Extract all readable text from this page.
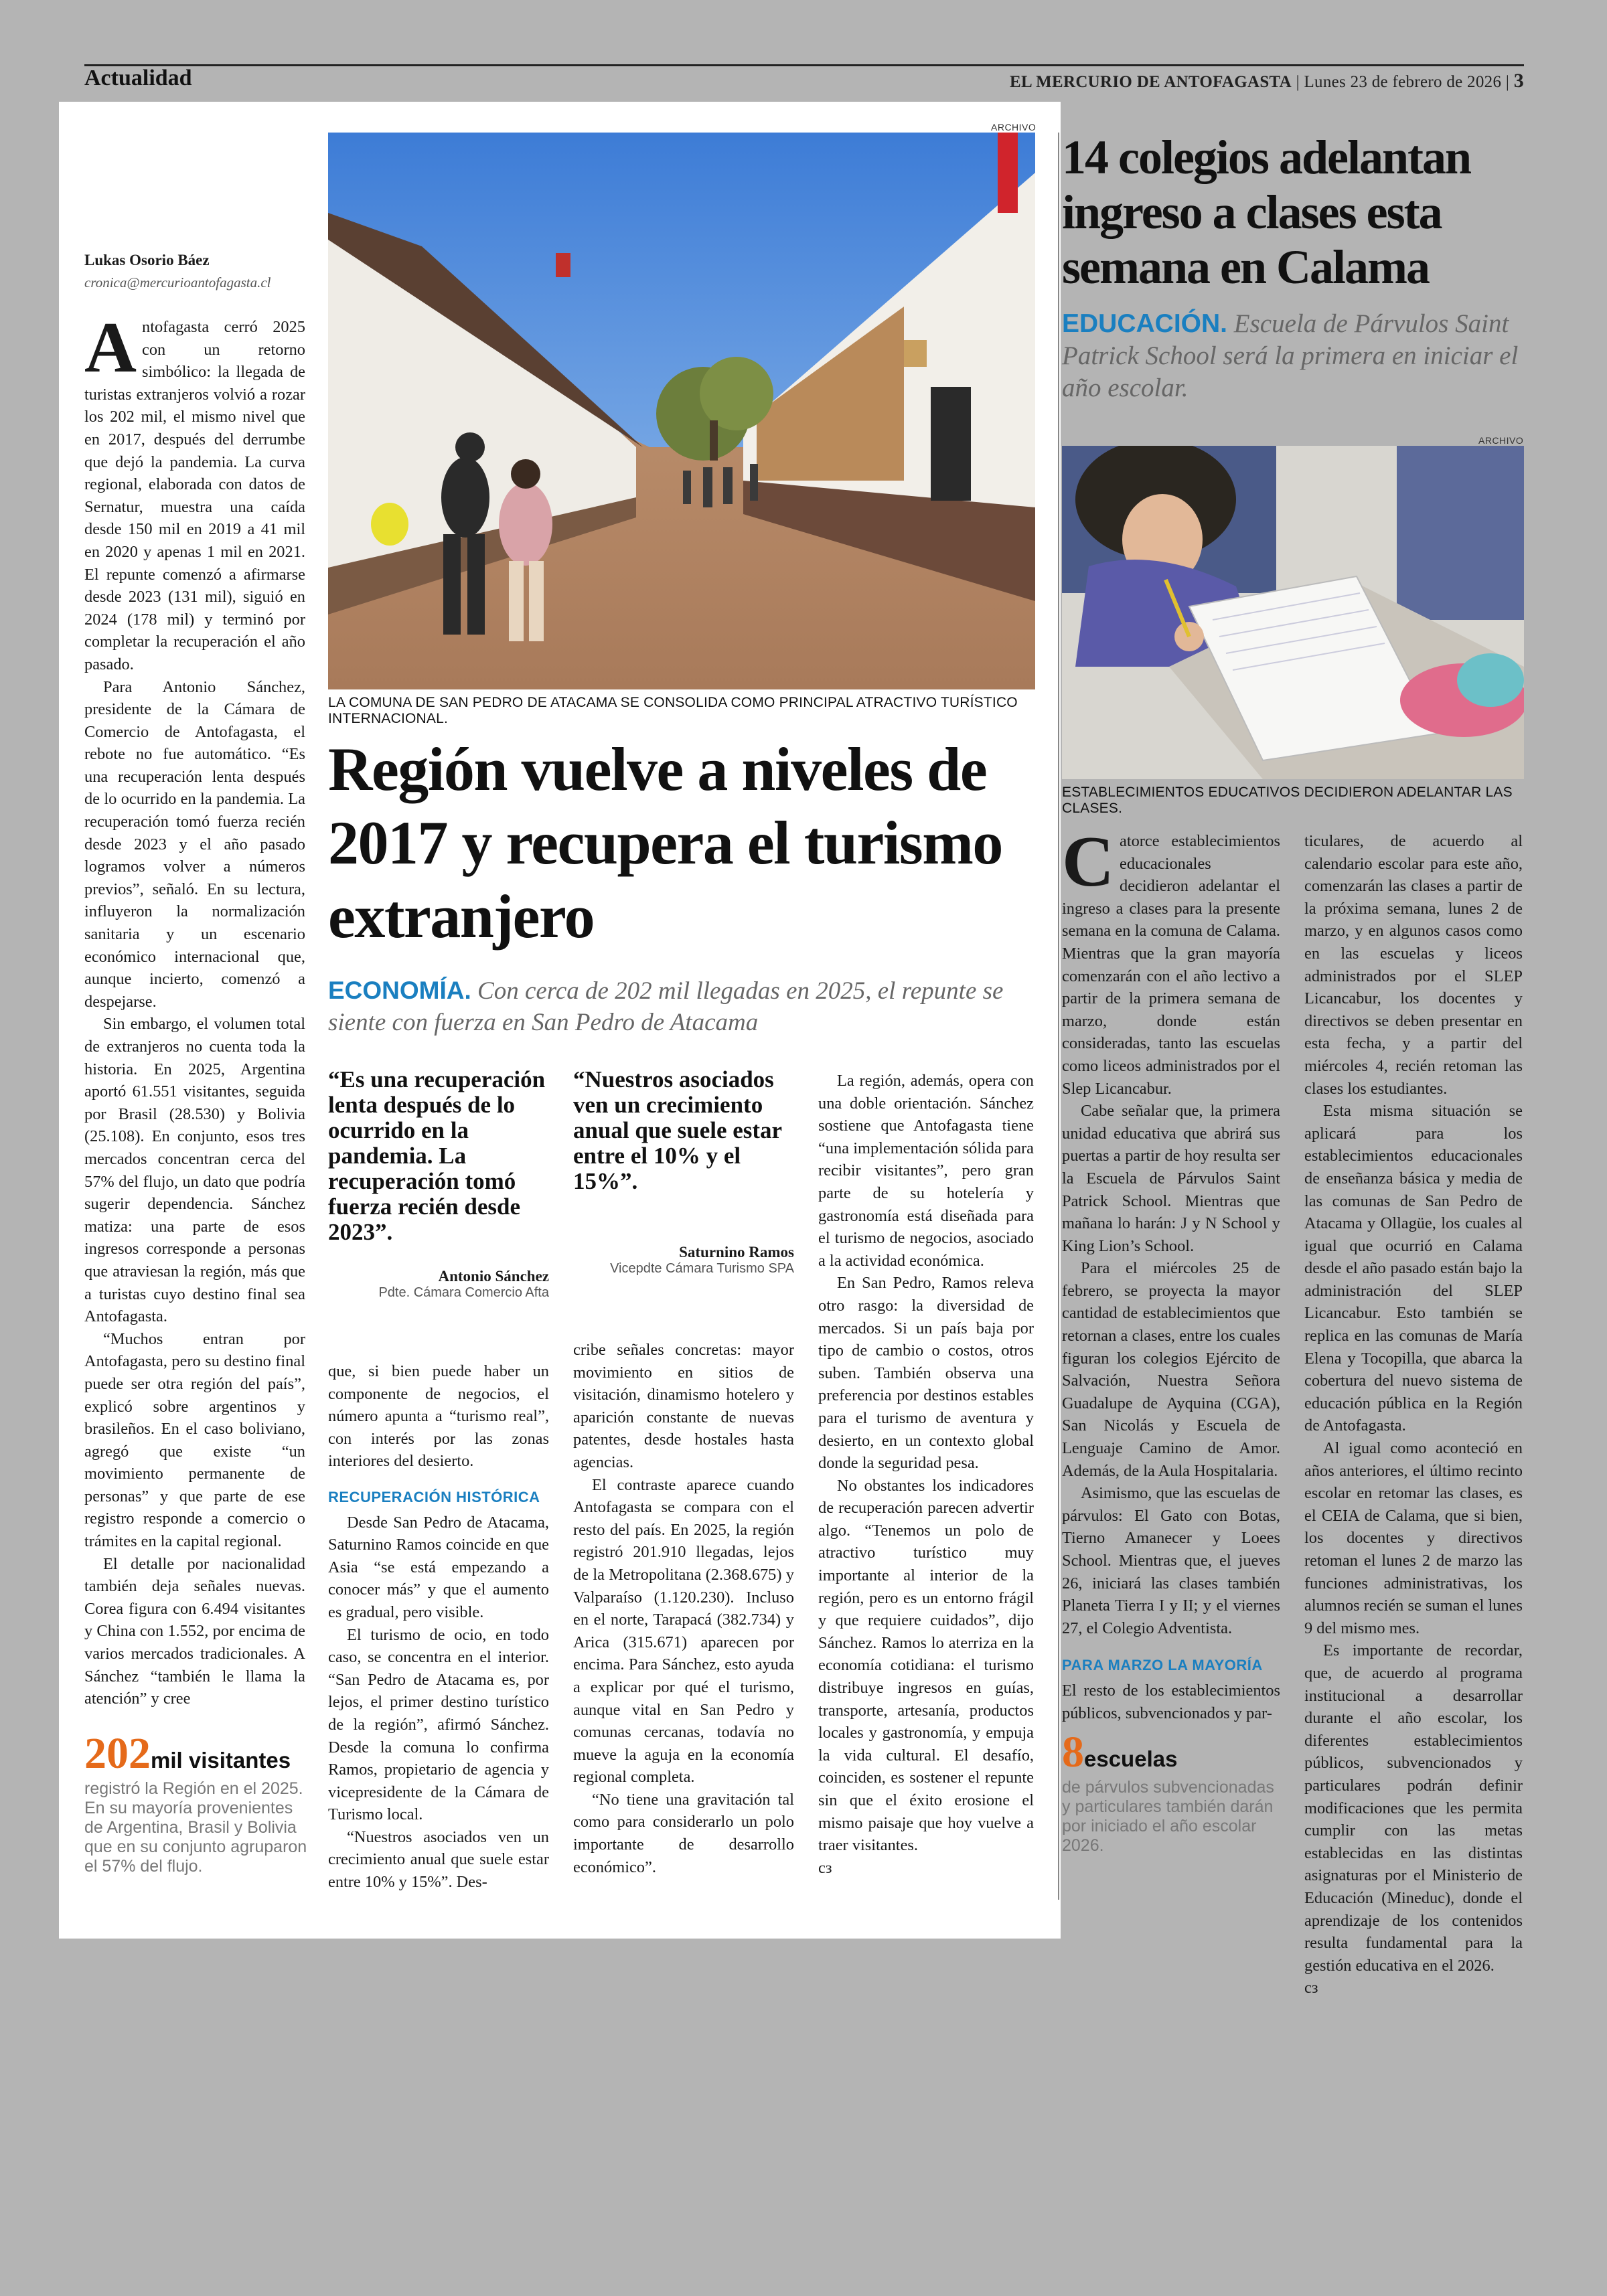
Actualidad	EL MERCURIO DE ANTOFAGASTA | Lunes 23 de febrero de 2026 | 3
ARCHIVO
LA COMUNA DE SAN PEDRO DE ATACAMA SE CONSOLIDA COMO PRINCIPAL ATRACTIVO TURÍSTICO INTERNACIONAL.
Lukas Osorio Báez
cronica@mercurioantofagasta.cl

Antofagasta cerró 2025 con un retorno simbólico: la llegada de turistas extranjeros volvió a rozar los 202 mil, el mismo nivel que en 2017, después del derrumbe que dejó la pandemia. La curva regional, elaborada con datos de Sernatur, muestra una caída desde 150 mil en 2019 a 41 mil en 2020 y apenas 1 mil en 2021. El repunte comenzó a afirmarse desde 2023 (131 mil), siguió en 2024 (178 mil) y terminó por completar la recuperación el año pasado.

Para Antonio Sánchez, presidente de la Cámara de Comercio de Antofagasta, el rebote no fue automático. “Es una recuperación lenta después de lo ocurrido en la pandemia. La recuperación tomó fuerza recién desde 2023 y el año pasado logramos volver a números previos”, señaló. En su lectura, influyeron la normalización sanitaria y un escenario económico internacional que, aunque incierto, comenzó a despejarse.

Sin embargo, el volumen total de extranjeros no cuenta toda la historia. En 2025, Argentina aportó 61.551 visitantes, seguida por Brasil (28.530) y Bolivia (25.108). En conjunto, esos tres mercados concentran cerca del 57% del flujo, un dato que podría sugerir dependencia. Sánchez matiza: una parte de esos ingresos corresponde a personas que atraviesan la región, más que a turistas cuyo destino final sea Antofagasta.

“Muchos entran por Antofagasta, pero su destino final puede ser otra región del país”, explicó sobre argentinos y brasileños. En el caso boliviano, agregó que existe “un movimiento permanente de personas” y que parte de ese registro responde a comercio o trámites en la capital regional.

El detalle por nacionalidad también deja señales nuevas. Corea figura con 6.494 visitantes y China con 1.552, por encima de varios mercados tradicionales. A Sánchez “también le llama la atención” y cree

202mil visitantes
registró la Región en el 2025. En su mayoría provenientes de Argentina, Brasil y Bolivia que en su conjunto agruparon el 57% del flujo.
Región vuelve a niveles de 2017 y recupera el turismo extranjero
ECONOMÍA. Con cerca de 202 mil llegadas en 2025, el repunte se siente con fuerza en San Pedro de Atacama
“Es una recuperación lenta después de lo ocurrido en la pandemia. La recuperación tomó fuerza recién desde 2023”.
Antonio Sánchez
Pdte. Cámara Comercio Afta
“Nuestros asociados ven un crecimiento anual que suele estar entre el 10% y el 15%”.
Saturnino Ramos
Vicepdte Cámara Turismo SPA

que, si bien puede haber un componente de negocios, el número apunta a “turismo real”, con interés por las zonas interiores del desierto.

RECUPERACIÓN HISTÓRICA

Desde San Pedro de Atacama, Saturnino Ramos coincide en que Asia “se está empezando a conocer más” y que el aumento es gradual, pero visible.

El turismo de ocio, en todo caso, se concentra en el interior. “San Pedro de Atacama es, por lejos, el primer destino turístico de la región”, afirmó Sánchez. Desde la comuna lo confirma Ramos, propietario de agencia y vicepresidente de la Cámara de Turismo local.

“Nuestros asociados ven un crecimiento anual que suele estar entre 10% y 15%”. Des-

cribe señales concretas: mayor movimiento en sitios de visitación, dinamismo hotelero y aparición constante de nuevas patentes, desde hostales hasta agencias.

El contraste aparece cuando Antofagasta se compara con el resto del país. En 2025, la región registró 201.910 llegadas, lejos de la Metropolitana (2.368.675) y Valparaíso (1.120.230). Incluso en el norte, Tarapacá (382.734) y Arica (315.671) aparecen por encima. Para Sánchez, esto ayuda a explicar por qué el turismo, aunque vital en San Pedro y comunas cercanas, todavía no mueve la aguja en la economía regional completa.

“No tiene una gravitación tal como para considerarlo un polo importante de desarrollo económico”.

La región, además, opera con una doble orientación. Sánchez sostiene que Antofagasta tiene “una implementación sólida para recibir visitantes”, pero gran parte de su hotelería y gastronomía está diseñada para el turismo de negocios, asociado a la actividad económica.

En San Pedro, Ramos releva otro rasgo: la diversidad de mercados. Si un país baja por tipo de cambio o costos, otros suben. También observa una preferencia por destinos estables para el turismo de aventura y desierto, en un contexto global donde la seguridad pesa.

No obstantes los indicadores de recuperación parecen advertir algo. “Tenemos un polo de atractivo turístico muy importante al interior de la región, pero es un entorno frágil y que requiere cuidados”, dijo Sánchez. Ramos lo aterriza en la economía cotidiana: el turismo distribuye ingresos en guías, transporte, artesanía, productos locales y gastronomía, y empuja la vida cultural. El desafío, coinciden, es sostener el repunte sin que el éxito erosione el mismo paisaje que hoy vuelve a traer visitantes.

cз
14 colegios adelantan ingreso a clases esta semana en Calama
EDUCACIÓN. Escuela de Párvulos Saint Patrick School será la primera en iniciar el año escolar.
ARCHIVO
ESTABLECIMIENTOS EDUCATIVOS DECIDIERON ADELANTAR LAS CLASES.

Catorce establecimientos educacionales decidieron adelantar el ingreso a clases para la presente semana en la comuna de Calama. Mientras que la gran mayoría comenzarán con el año lectivo a partir de la primera semana de marzo, donde están consideradas, tanto las escuelas como liceos administrados por el Slep Licancabur.

Cabe señalar que, la primera unidad educativa que abrirá sus puertas a partir de hoy resulta ser la Escuela de Párvulos Saint Patrick School. Mientras que mañana lo harán: J y N School y King Lion’s School.

Para el miércoles 25 de febrero, se proyecta la mayor cantidad de establecimientos que retornan a clases, entre los cuales figuran los colegios Ejército de Salvación, Nuestra Señora Guadalupe de Ayquina (CGA), San Nicolás y Escuela de Lenguaje Camino de Amor. Además, de la Aula Hospitalaria.

Asimismo, que las escuelas de párvulos: El Gato con Botas, Tierno Amanecer y Loees School. Mientras que, el jueves 26, iniciará las clases también Planeta Tierra I y II; y el viernes 27, el Colegio Adventista.

PARA MARZO LA MAYORÍA

El resto de los establecimientos públicos, subvencionados y par-

8escuelas
de párvulos subvencionadas y particulares también darán por iniciado el año escolar 2026.

ticulares, de acuerdo al calendario escolar para este año, comenzarán las clases a partir de la próxima semana, lunes 2 de marzo, y en algunos casos como en las escuelas y liceos administrados por el SLEP Licancabur, los docentes y directivos se deben presentar en esta fecha, y a partir del miércoles 4, recién retoman las clases los estudiantes.

Esta misma situación se aplicará para los establecimientos educacionales de enseñanza básica y media de las comunas de San Pedro de Atacama y Ollagüe, los cuales al igual que ocurrió en Calama desde el año pasado están bajo la administración del SLEP Licancabur. Esto también se replica en las comunas de María Elena y Tocopilla, que abarca la cobertura del nuevo sistema de educación pública en la Región de Antofagasta.

Al igual como aconteció en años anteriores, el último recinto escolar en retomar las clases, es el CEIA de Calama, que si bien, los docentes y directivos retoman el lunes 2 de marzo las funciones administrativas, los alumnos recién se suman el lunes 9 del mismo mes.

Es importante de recordar, que, de acuerdo al programa institucional a desarrollar durante el año escolar, los diferentes establecimientos públicos, subvencionados y particulares podrán definir modificaciones que les permita cumplir con las metas establecidas en las distintas asignaturas por el Ministerio de Educación (Mineduc), donde el aprendizaje de los contenidos resulta fundamental para la gestión educativa en el 2026.

cз
